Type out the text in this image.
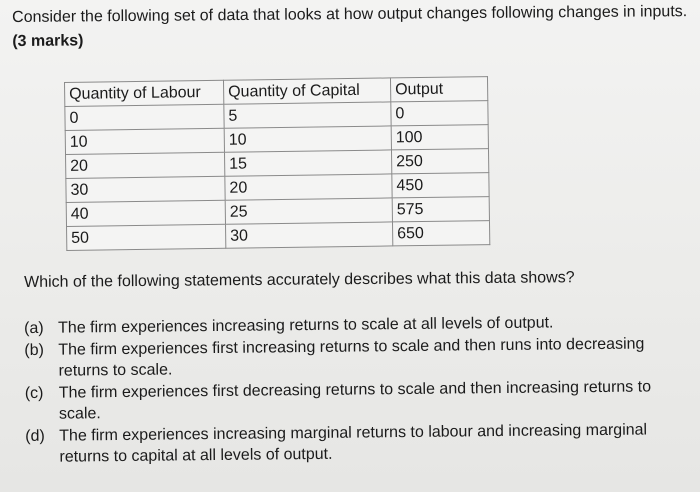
Consider the following set of data that looks at how output changes following changes in inputs. (3 marks)
Quantity of Labour	Quantity of Capital	Output
0	5	0
10	10	100
20	15	250
30	20	450
40	25	575
50	30	650
Which of the following statements accurately describes what this data shows?
(a) The firm experiences increasing returns to scale at all levels of output.
(b) The firm experiences first increasing returns to scale and then runs into decreasing returns to scale.
(c) The firm experiences first decreasing returns to scale and then increasing returns to scale.
(d) The firm experiences increasing marginal returns to labour and increasing marginal returns to capital at all levels of output.
